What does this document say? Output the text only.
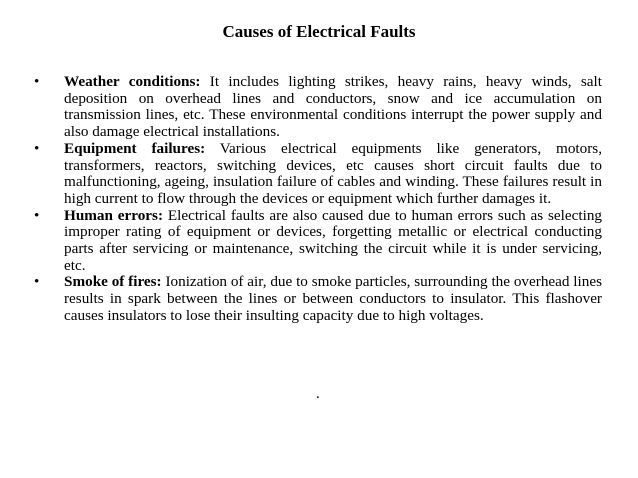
Causes of Electrical Faults
•	Weather conditions: It includes lighting strikes, heavy rains, heavy winds, salt deposition on overhead lines and conductors, snow and ice accumulation on transmission lines, etc. These environmental conditions interrupt the power supply and also damage electrical installations.
•	Equipment failures: Various electrical equipments like generators, motors, transformers, reactors, switching devices, etc causes short circuit faults due to malfunctioning, ageing, insulation failure of cables and winding. These failures result in high current to flow through the devices or equipment which further damages it.
•	Human errors: Electrical faults are also caused due to human errors such as selecting improper rating of equipment or devices, forgetting metallic or electrical conducting parts after servicing or maintenance, switching the circuit while it is under servicing, etc.
•	Smoke of fires: Ionization of air, due to smoke particles, surrounding the overhead lines results in spark between the lines or between conductors to insulator. This flashover causes insulators to lose their insulting capacity due to high voltages.
.
